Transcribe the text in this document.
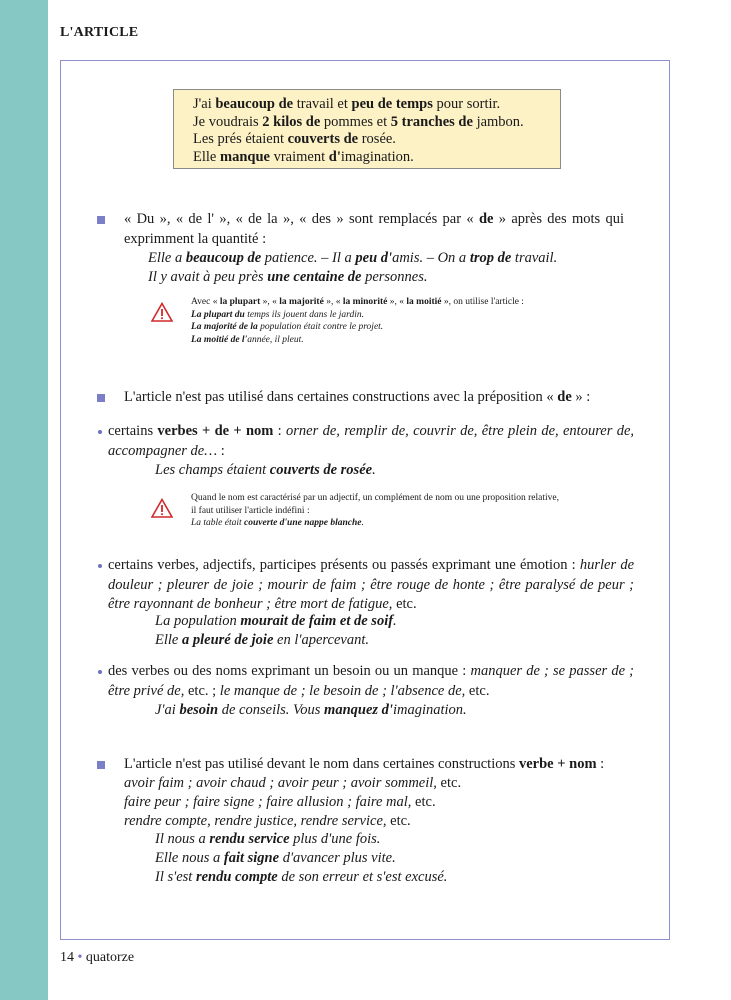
L'ARTICLE
J'ai beaucoup de travail et peu de temps pour sortir.
Je voudrais 2 kilos de pommes et 5 tranches de jambon.
Les prés étaient couverts de rosée.
Elle manque vraiment d'imagination.
« Du », « de l' », « de la », « des » sont remplacés par « de » après des mots qui exprimment la quantité :
Elle a beaucoup de patience. – Il a peu d'amis. – On a trop de travail.
Il y avait à peu près une centaine de personnes.
Avec « la plupart », « la majorité », « la minorité », « la moitié », on utilise l'article :
La plupart du temps ils jouent dans le jardin.
La majorité de la population était contre le projet.
La moitié de l'année, il pleut.
L'article n'est pas utilisé dans certaines constructions avec la préposition « de » :
certains verbes + de + nom : orner de, remplir de, couvrir de, être plein de, entourer de, accompagner de… :
Les champs étaient couverts de rosée.
Quand le nom est caractérisé par un adjectif, un complément de nom ou une proposition relative,
il faut utiliser l'article indéfini :
La table était couverte d'une nappe blanche.
certains verbes, adjectifs, participes présents ou passés exprimant une émotion : hurler de douleur ; pleurer de joie ; mourir de faim ; être rouge de honte ; être paralysé de peur ; être rayonnant de bonheur ; être mort de fatigue, etc.
La population mourait de faim et de soif.
Elle a pleuré de joie en l'apercevant.
des verbes ou des noms exprimant un besoin ou un manque : manquer de ; se passer de ; être privé de, etc. ; le manque de ; le besoin de ; l'absence de, etc.
J'ai besoin de conseils. Vous manquez d'imagination.
L'article n'est pas utilisé devant le nom dans certaines constructions verbe + nom :
avoir faim ; avoir chaud ; avoir peur ; avoir sommeil, etc.
faire peur ; faire signe ; faire allusion ; faire mal, etc.
rendre compte, rendre justice, rendre service, etc.
Il nous a rendu service plus d'une fois.
Elle nous a fait signe d'avancer plus vite.
Il s'est rendu compte de son erreur et s'est excusé.
14 • quatorze
